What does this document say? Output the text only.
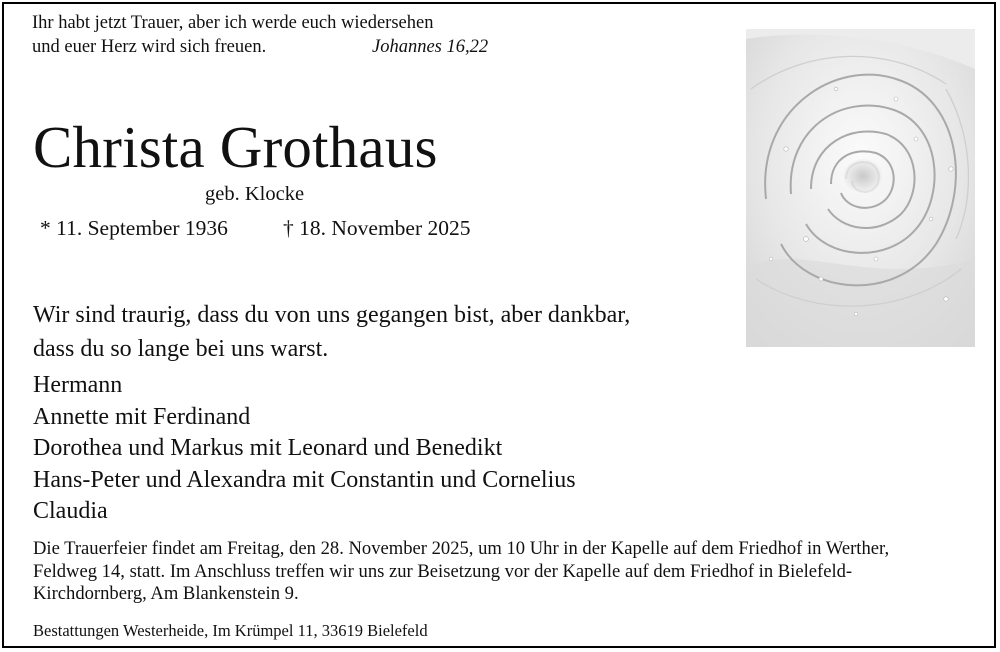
Ihr habt jetzt Trauer, aber ich werde euch wiedersehen
und euer Herz wird sich freuen.	Johannes 16,22
Christa Grothaus
geb. Klocke
* 11. September 1936	† 18. November 2025
Wir sind traurig, dass du von uns gegangen bist, aber dankbar,
dass du so lange bei uns warst.
Hermann
Annette mit Ferdinand
Dorothea und Markus mit Leonard und Benedikt
Hans-Peter und Alexandra mit Constantin und Cornelius
Claudia
Die Trauerfeier findet am Freitag, den 28. November 2025, um 10 Uhr in der Kapelle auf dem Friedhof in Werther,
Feldweg 14, statt. Im Anschluss treffen wir uns zur Beisetzung vor der Kapelle auf dem Friedhof in Bielefeld-
Kirchdornberg, Am Blankenstein 9.
Bestattungen Westerheide, Im Krümpel 11, 33619 Bielefeld
